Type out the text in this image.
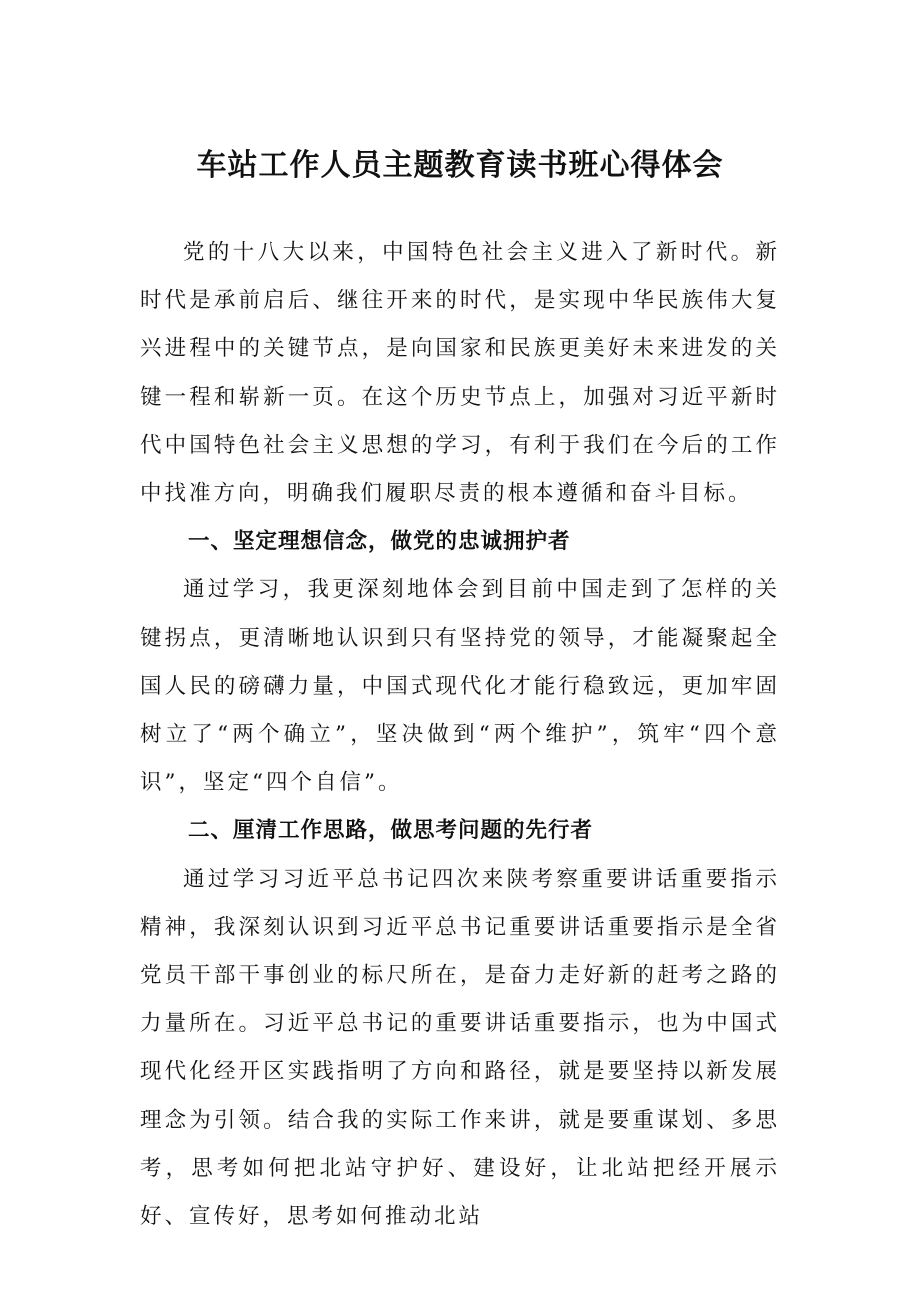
车站工作人员主题教育读书班心得体会

党的十八大以来，中国特色社会主义进入了新时代。新时代是承前启后、继往开来的时代，是实现中华民族伟大复兴进程中的关键节点，是向国家和民族更美好未来进发的关键一程和崭新一页。在这个历史节点上，加强对习近平新时代中国特色社会主义思想的学习，有利于我们在今后的工作中找准方向，明确我们履职尽责的根本遵循和奋斗目标。

一、坚定理想信念，做党的忠诚拥护者

通过学习，我更深刻地体会到目前中国走到了怎样的关键拐点，更清晰地认识到只有坚持党的领导，才能凝聚起全国人民的磅礴力量，中国式现代化才能行稳致远，更加牢固树立了“两个确立”，坚决做到“两个维护”，筑牢“四个意识”，坚定“四个自信”。

二、厘清工作思路，做思考问题的先行者

通过学习习近平总书记四次来陕考察重要讲话重要指示精神，我深刻认识到习近平总书记重要讲话重要指示是全省党员干部干事创业的标尺所在，是奋力走好新的赶考之路的力量所在。习近平总书记的重要讲话重要指示，也为中国式现代化经开区实践指明了方向和路径，就是要坚持以新发展理念为引领。结合我的实际工作来讲，就是要重谋划、多思考，思考如何把北站守护好、建设好，让北站把经开展示好、宣传好，思考如何推动北站
